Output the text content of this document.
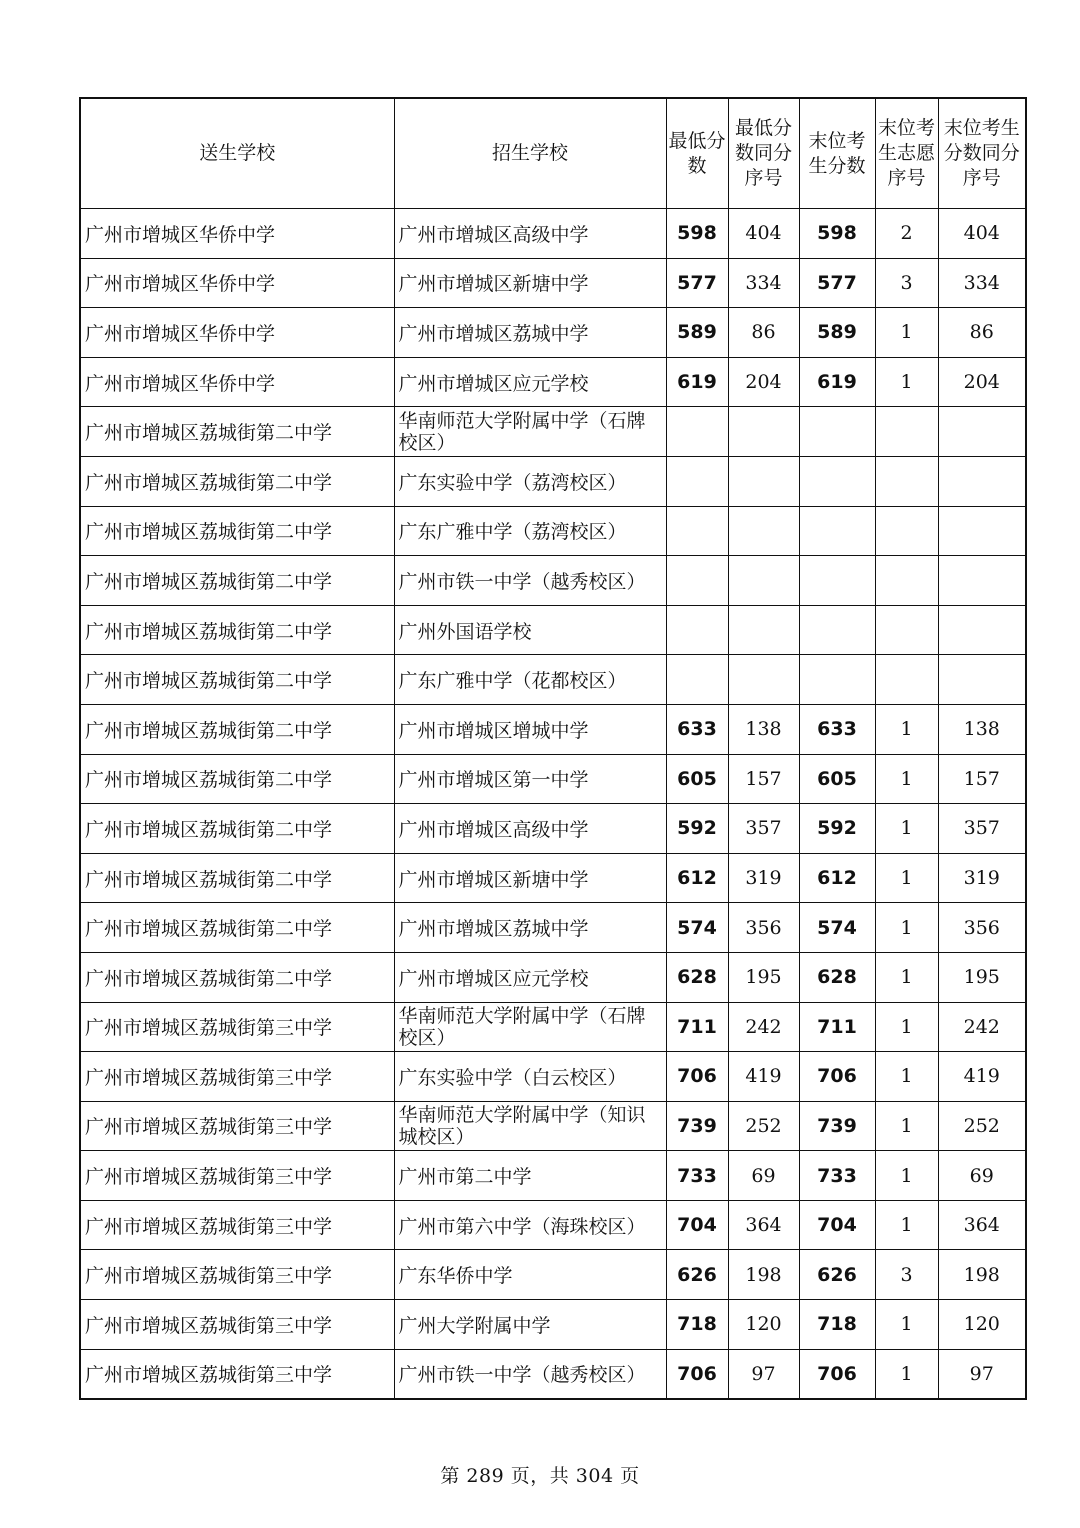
送生学校	招生学校	最低分数	最低分数同分序号	末位考生分数	末位考生志愿序号	末位考生分数同分序号
广州市增城区华侨中学	广州市增城区高级中学	598	404	598	2	404
广州市增城区华侨中学	广州市增城区新塘中学	577	334	577	3	334
广州市增城区华侨中学	广州市增城区荔城中学	589	86	589	1	86
广州市增城区华侨中学	广州市增城区应元学校	619	204	619	1	204
广州市增城区荔城街第二中学	华南师范大学附属中学（石牌校区）					
广州市增城区荔城街第二中学	广东实验中学（荔湾校区）					
广州市增城区荔城街第二中学	广东广雅中学（荔湾校区）					
广州市增城区荔城街第二中学	广州市铁一中学（越秀校区）					
广州市增城区荔城街第二中学	广州外国语学校					
广州市增城区荔城街第二中学	广东广雅中学（花都校区）					
广州市增城区荔城街第二中学	广州市增城区增城中学	633	138	633	1	138
广州市增城区荔城街第二中学	广州市增城区第一中学	605	157	605	1	157
广州市增城区荔城街第二中学	广州市增城区高级中学	592	357	592	1	357
广州市增城区荔城街第二中学	广州市增城区新塘中学	612	319	612	1	319
广州市增城区荔城街第二中学	广州市增城区荔城中学	574	356	574	1	356
广州市增城区荔城街第二中学	广州市增城区应元学校	628	195	628	1	195
广州市增城区荔城街第三中学	华南师范大学附属中学（石牌校区）	711	242	711	1	242
广州市增城区荔城街第三中学	广东实验中学（白云校区）	706	419	706	1	419
广州市增城区荔城街第三中学	华南师范大学附属中学（知识城校区）	739	252	739	1	252
广州市增城区荔城街第三中学	广州市第二中学	733	69	733	1	69
广州市增城区荔城街第三中学	广州市第六中学（海珠校区）	704	364	704	1	364
广州市增城区荔城街第三中学	广东华侨中学	626	198	626	3	198
广州市增城区荔城街第三中学	广州大学附属中学	718	120	718	1	120
广州市增城区荔城街第三中学	广州市铁一中学（越秀校区）	706	97	706	1	97
第 289 页，共 304 页
